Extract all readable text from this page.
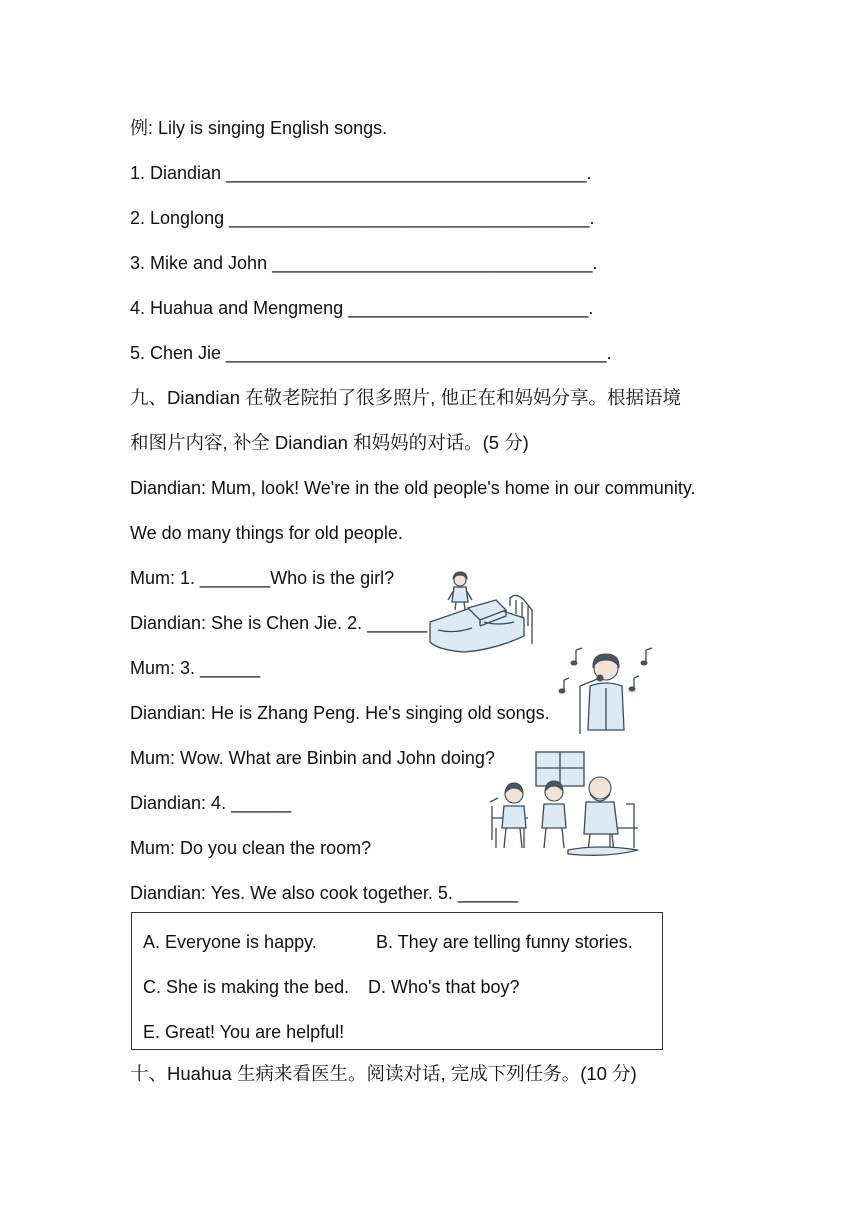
例: Lily is singing English songs.
1. Diandian ____________________________________.
2. Longlong ____________________________________.
3. Mike and John ________________________________.
4. Huahua and Mengmeng ________________________.
5. Chen Jie ______________________________________.
九、Diandian 在敬老院拍了很多照片, 他正在和妈妈分享。根据语境
和图片内容, 补全 Diandian 和妈妈的对话。(5 分)
Diandian: Mum, look! We're in the old people's home in our community.
We do many things for old people.
Mum: 1. _______Who is the girl?
Diandian: She is Chen Jie. 2. ______
Mum: 3. ______
Diandian: He is Zhang Peng. He's singing old songs.
Mum: Wow. What are Binbin and John doing?
Diandian: 4. ______
Mum: Do you clean the room?
Diandian: Yes. We also cook together. 5. ______
A. Everyone is happy.	B. They are telling funny stories.
C. She is making the bed. D. Who's that boy?
E. Great! You are helpful!
十、Huahua 生病来看医生。阅读对话, 完成下列任务。(10 分)
